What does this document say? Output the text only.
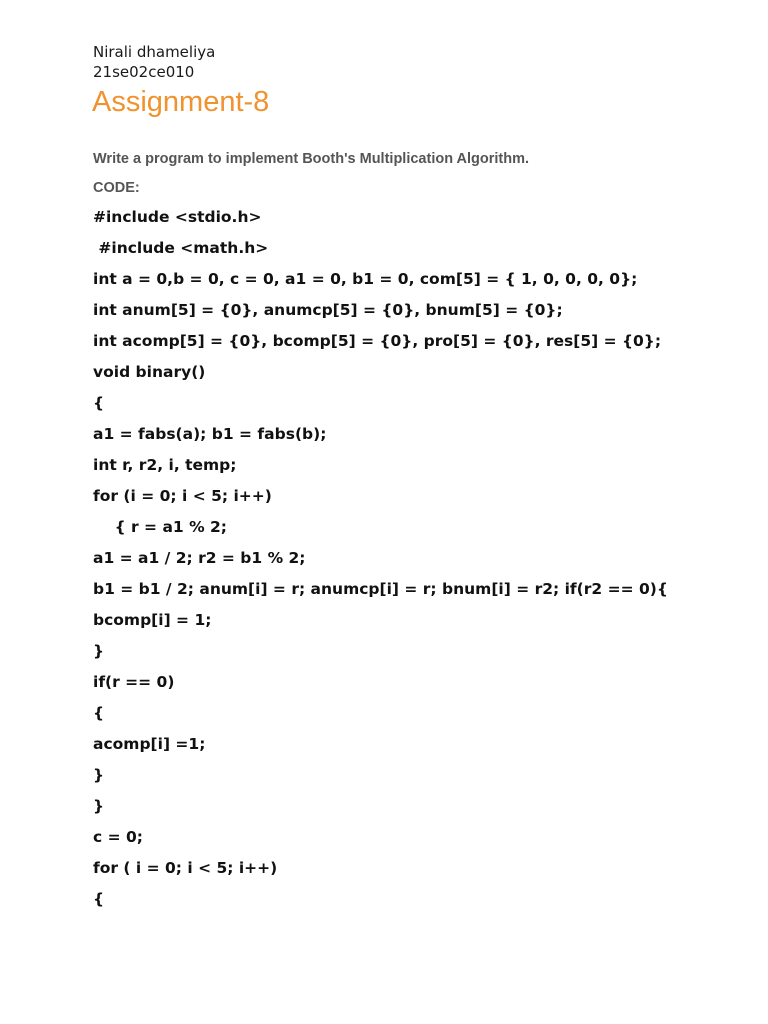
Nirali dhameliya
21se02ce010
Assignment-8
Write a program to implement Booth's Multiplication Algorithm.
CODE:
#include <stdio.h>
#include <math.h>
int a = 0,b = 0, c = 0, a1 = 0, b1 = 0, com[5] = { 1, 0, 0, 0, 0};
int anum[5] = {0}, anumcp[5] = {0}, bnum[5] = {0};
int acomp[5] = {0}, bcomp[5] = {0}, pro[5] = {0}, res[5] = {0};
void binary()
{
a1 = fabs(a); b1 = fabs(b);
int r, r2, i, temp;
for (i = 0; i < 5; i++)
{ r = a1 % 2;
a1 = a1 / 2; r2 = b1 % 2;
b1 = b1 / 2; anum[i] = r; anumcp[i] = r; bnum[i] = r2; if(r2 == 0){
bcomp[i] = 1;
}
if(r == 0)
{
acomp[i] =1;
}
}
c = 0;
for ( i = 0; i < 5; i++)
{
